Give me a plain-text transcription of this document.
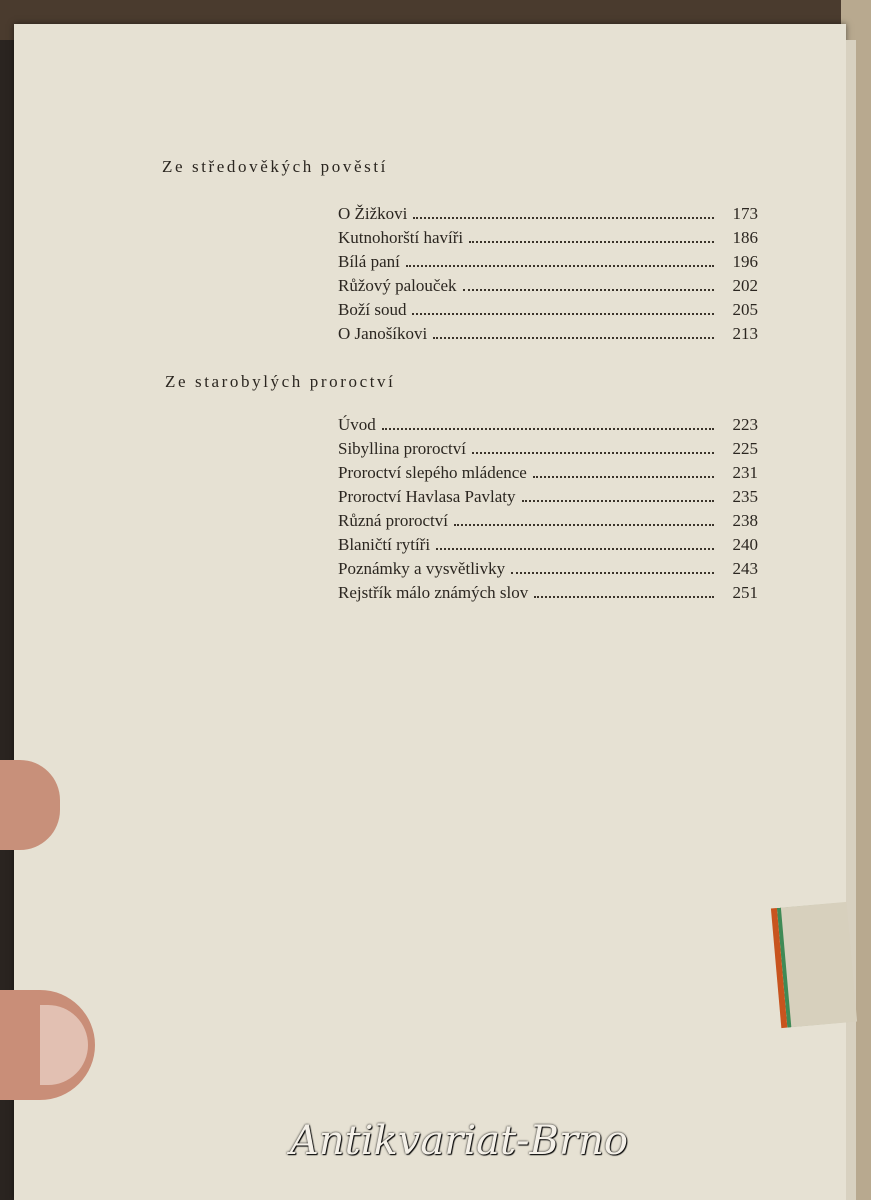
Ze středověkých pověstí
O Žižkovi	173
Kutnohorští havíři	186
Bílá paní	196
Růžový palouček	202
Boží soud	205
O Janošíkovi	213
Ze starobylých proroctví
Úvod	223
Sibyllina proroctví	225
Proroctví slepého mládence	231
Proroctví Havlasa Pavlaty	235
Různá proroctví	238
Blaničtí rytíři	240
Poznámky a vysvětlivky	243
Rejstřík málo známých slov	251
Antikvariat-Brno
